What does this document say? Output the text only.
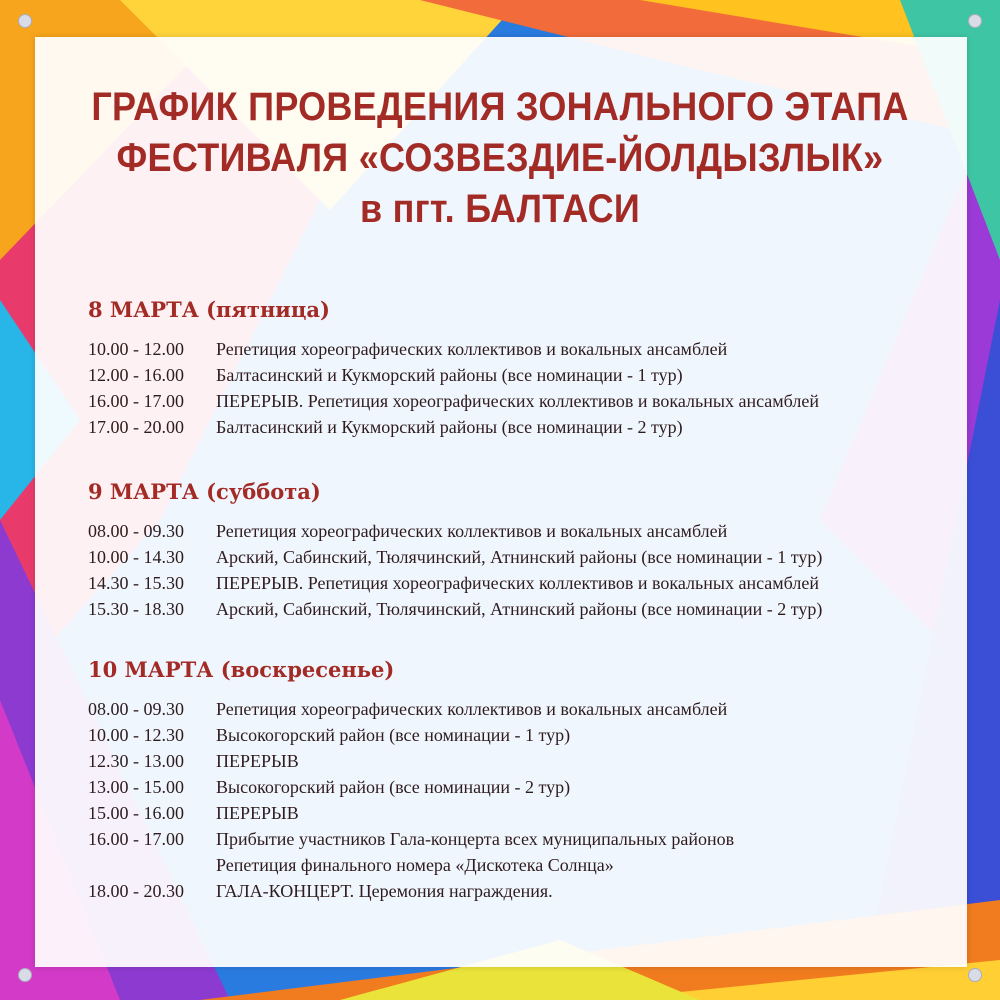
ГРАФИК ПРОВЕДЕНИЯ ЗОНАЛЬНОГО ЭТАПА
ФЕСТИВАЛЯ «СОЗВЕЗДИЕ-ЙОЛДЫЗЛЫК»
в пгт. БАЛТАСИ
8 МАРТА (пятница)
10.00 - 12.00	Репетиция хореографических коллективов и вокальных ансамблей
12.00 - 16.00	Балтасинский и Кукморский районы (все номинации - 1 тур)
16.00 - 17.00	ПЕРЕРЫВ. Репетиция хореографических коллективов и вокальных ансамблей
17.00 - 20.00	Балтасинский и Кукморский районы (все номинации - 2 тур)
9 МАРТА (суббота)
08.00 - 09.30	Репетиция хореографических коллективов и вокальных ансамблей
10.00 - 14.30	Арский, Сабинский, Тюлячинский, Атнинский районы (все номинации - 1 тур)
14.30 - 15.30	ПЕРЕРЫВ. Репетиция хореографических коллективов и вокальных ансамблей
15.30 - 18.30	Арский, Сабинский, Тюлячинский, Атнинский районы (все номинации - 2 тур)
10 МАРТА (воскресенье)
08.00 - 09.30	Репетиция хореографических коллективов и вокальных ансамблей
10.00 - 12.30	Высокогорский район (все номинации - 1 тур)
12.30 - 13.00	ПЕРЕРЫВ
13.00 - 15.00	Высокогорский район (все номинации - 2 тур)
15.00 - 16.00	ПЕРЕРЫВ
16.00 - 17.00	Прибытие участников Гала-концерта всех муниципальных районов
Репетиция финального номера «Дискотека Солнца»
18.00 - 20.30	ГАЛА-КОНЦЕРТ. Церемония награждения.
